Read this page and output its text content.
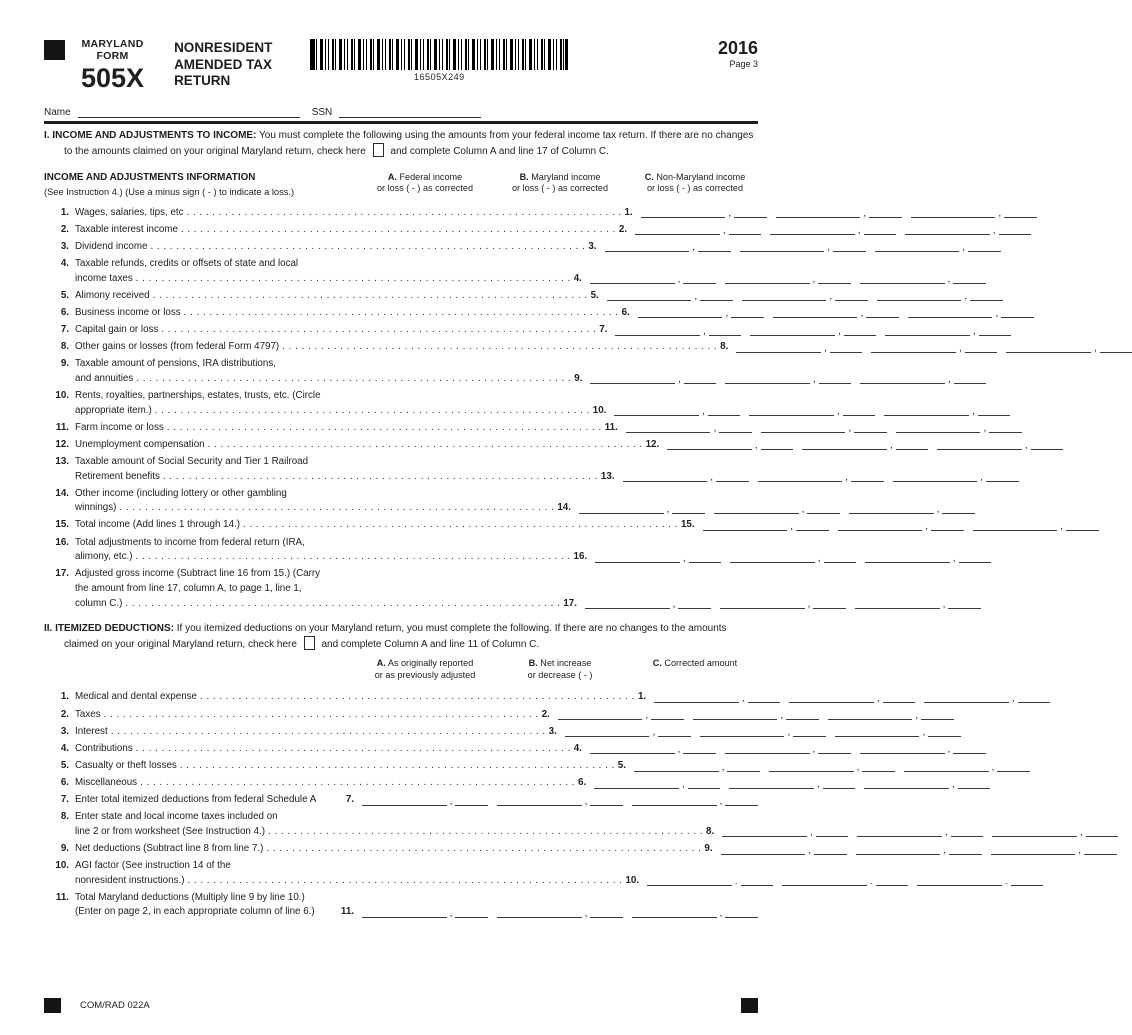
MARYLAND
FORM
505X
NONRESIDENT
AMENDED TAX
RETURN	16505X249
2016
Page 3
Name	SSN

I. INCOME AND ADJUSTMENTS TO INCOME: You must complete the following using the amounts from your federal income tax return. If there are no changes to the amounts claimed on your original Maryland return, check here and complete Column A and line 17 of Column C.

INCOME AND ADJUSTMENTS INFORMATION
(See Instruction 4.) (Use a minus sign ( - ) to indicate a loss.)
A. Federal income
or loss ( - ) as corrected
B. Maryland income
or loss ( - ) as corrected
C. Non-Maryland income
or loss ( - ) as corrected
1. Wages, salaries, tips, etc . . .	1.	,	,	,
2. Taxable interest income . . .	2.	,	,	,
3. Dividend income . . .	3.	,	,	,
4. Taxable refunds, credits or offsets of state and local
income taxes . . .	4.	,	,	,
5. Alimony received . . .	5.	,	,	,
6. Business income or loss . . .	6.	,	,	,
7. Capital gain or loss . . .	7.	,	,	,
8. Other gains or losses (from federal Form 4797) . . .	8.	,	,	,
9. Taxable amount of pensions, IRA distributions,
and annuities . . .	9.	,	,	,
10. Rents, royalties, partnerships, estates, trusts, etc. (Circle
appropriate item.) . . .	10.	,	,	,
11. Farm income or loss . . .	11.	,	,	,
12. Unemployment compensation . . .	12.	,	,	,
13. Taxable amount of Social Security and Tier 1 Railroad
Retirement benefits . . .	13.	,	,	,
14. Other income (including lottery or other gambling
winnings) . . .	14.	,	,	,
15. Total income (Add lines 1 through 14.) . . .	15.	,	,	,
16. Total adjustments to income from federal return (IRA,
alimony, etc.) . . .	16.	,	,	,
17. Adjusted gross income (Subtract line 16 from 15.) (Carry
the amount from line 17, column A, to page 1, line 1,
column C.) . . .	17.	,	,	,

II. ITEMIZED DEDUCTIONS: If you itemized deductions on your Maryland return, you must complete the following. If there are no changes to the amounts claimed on your original Maryland return, check here and complete Column A and line 11 of Column C.

A. As originally reported
or as previously adjusted
B. Net increase
or decrease ( - )
C. Corrected amount
1. Medical and dental expense . . .	1.	,	,	,
2. Taxes . . .	2.	,	,	,
3. Interest . . .	3.	,	,	,
4. Contributions . . .	4.	,	,	,
5. Casualty or theft losses . . .	5.	,	,	,
6. Miscellaneous . . .	6.	,	,	,
7. Enter total itemized deductions from federal Schedule A	7.	,	,	,
8. Enter state and local income taxes included on
line 2 or from worksheet (See Instruction 4.) . . .	8.	,	,	,
9. Net deductions (Subtract line 8 from line 7.) . . .	9.	,	,	,
10. AGI factor (See instruction 14 of the
nonresident instructions.) . . .	10.	.	.	.
11. Total Maryland deductions (Multiply line 9 by line 10.)
(Enter on page 2, in each appropriate column of line 6.)	11.	,	,	,
COM/RAD 022A
